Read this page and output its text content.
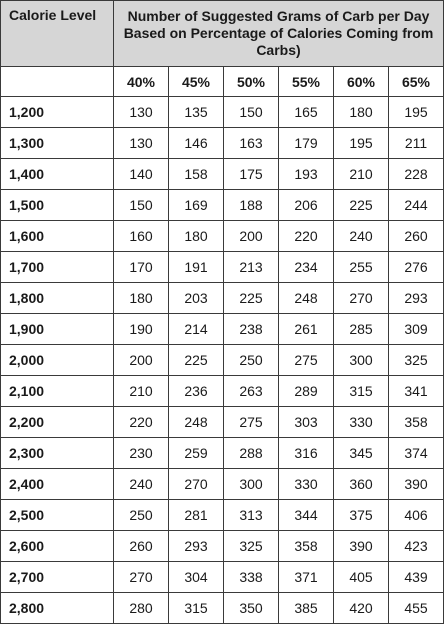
Calorie Level	Number of Suggested Grams of Carb per Day Based on Percentage of Calories Coming from Carbs)					
	40%	45%	50%	55%	60%	65%
1,200	130	135	150	165	180	195
1,300	130	146	163	179	195	211
1,400	140	158	175	193	210	228
1,500	150	169	188	206	225	244
1,600	160	180	200	220	240	260
1,700	170	191	213	234	255	276
1,800	180	203	225	248	270	293
1,900	190	214	238	261	285	309
2,000	200	225	250	275	300	325
2,100	210	236	263	289	315	341
2,200	220	248	275	303	330	358
2,300	230	259	288	316	345	374
2,400	240	270	300	330	360	390
2,500	250	281	313	344	375	406
2,600	260	293	325	358	390	423
2,700	270	304	338	371	405	439
2,800	280	315	350	385	420	455
